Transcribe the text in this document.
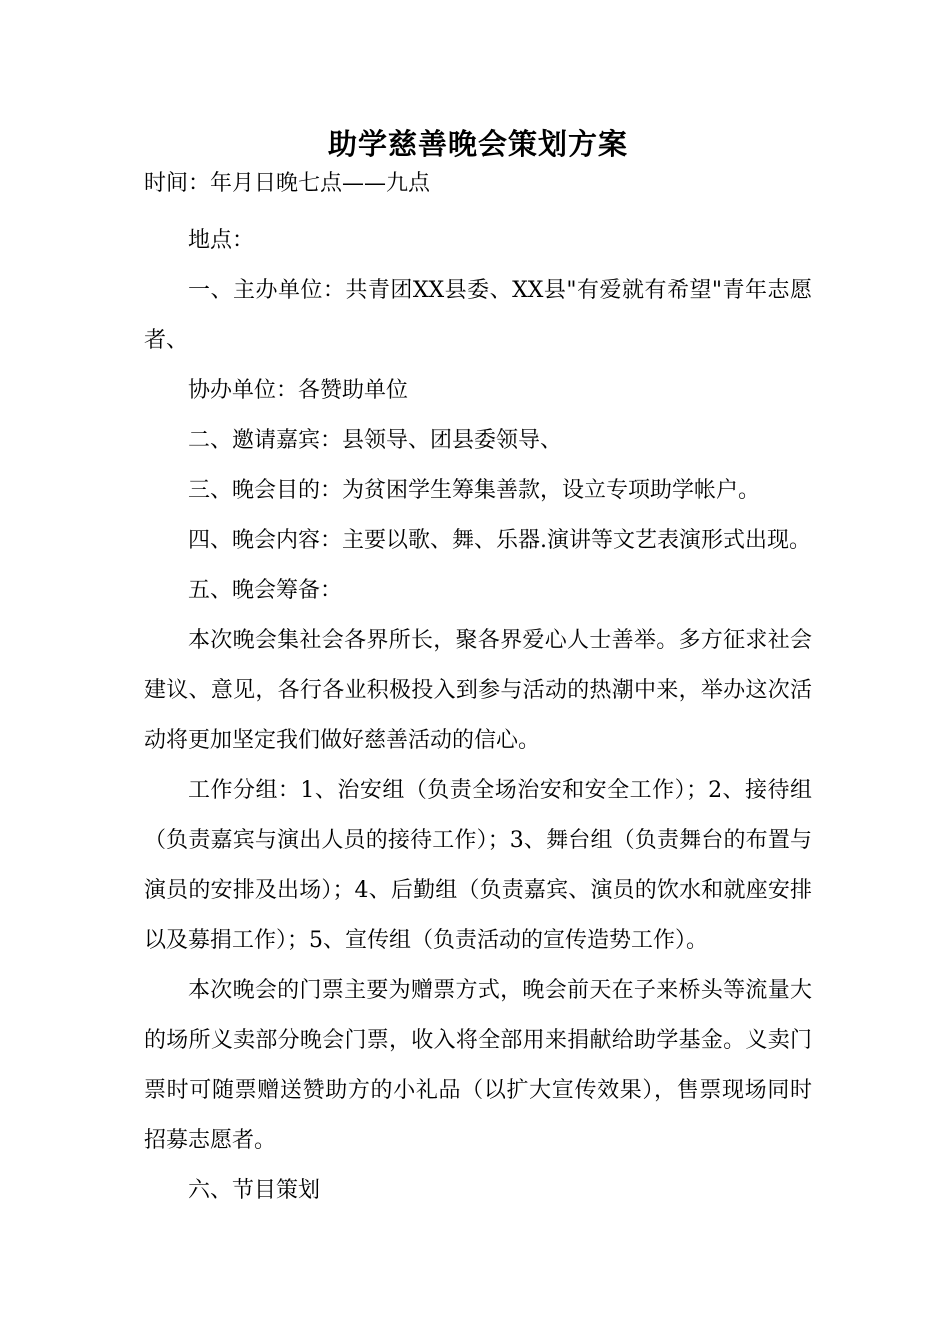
助学慈善晚会策划方案

时间：年月日晚七点——九点

地点：

一、主办单位：共青团XX县委、XX县"有爱就有希望"青年志愿者、

协办单位：各赞助单位

二、邀请嘉宾：县领导、团县委领导、

三、晚会目的：为贫困学生筹集善款，设立专项助学帐户。

四、晚会内容：主要以歌、舞、乐器.演讲等文艺表演形式出现。

五、晚会筹备：

本次晚会集社会各界所长，聚各界爱心人士善举。多方征求社会建议、意见，各行各业积极投入到参与活动的热潮中来，举办这次活动将更加坚定我们做好慈善活动的信心。

工作分组：1、治安组（负责全场治安和安全工作）；2、接待组（负责嘉宾与演出人员的接待工作）；3、舞台组（负责舞台的布置与演员的安排及出场）；4、后勤组（负责嘉宾、演员的饮水和就座安排以及募捐工作）；5、宣传组（负责活动的宣传造势工作）。

本次晚会的门票主要为赠票方式，晚会前天在子来桥头等流量大的场所义卖部分晚会门票，收入将全部用来捐献给助学基金。义卖门票时可随票赠送赞助方的小礼品（以扩大宣传效果），售票现场同时招募志愿者。

六、节目策划
